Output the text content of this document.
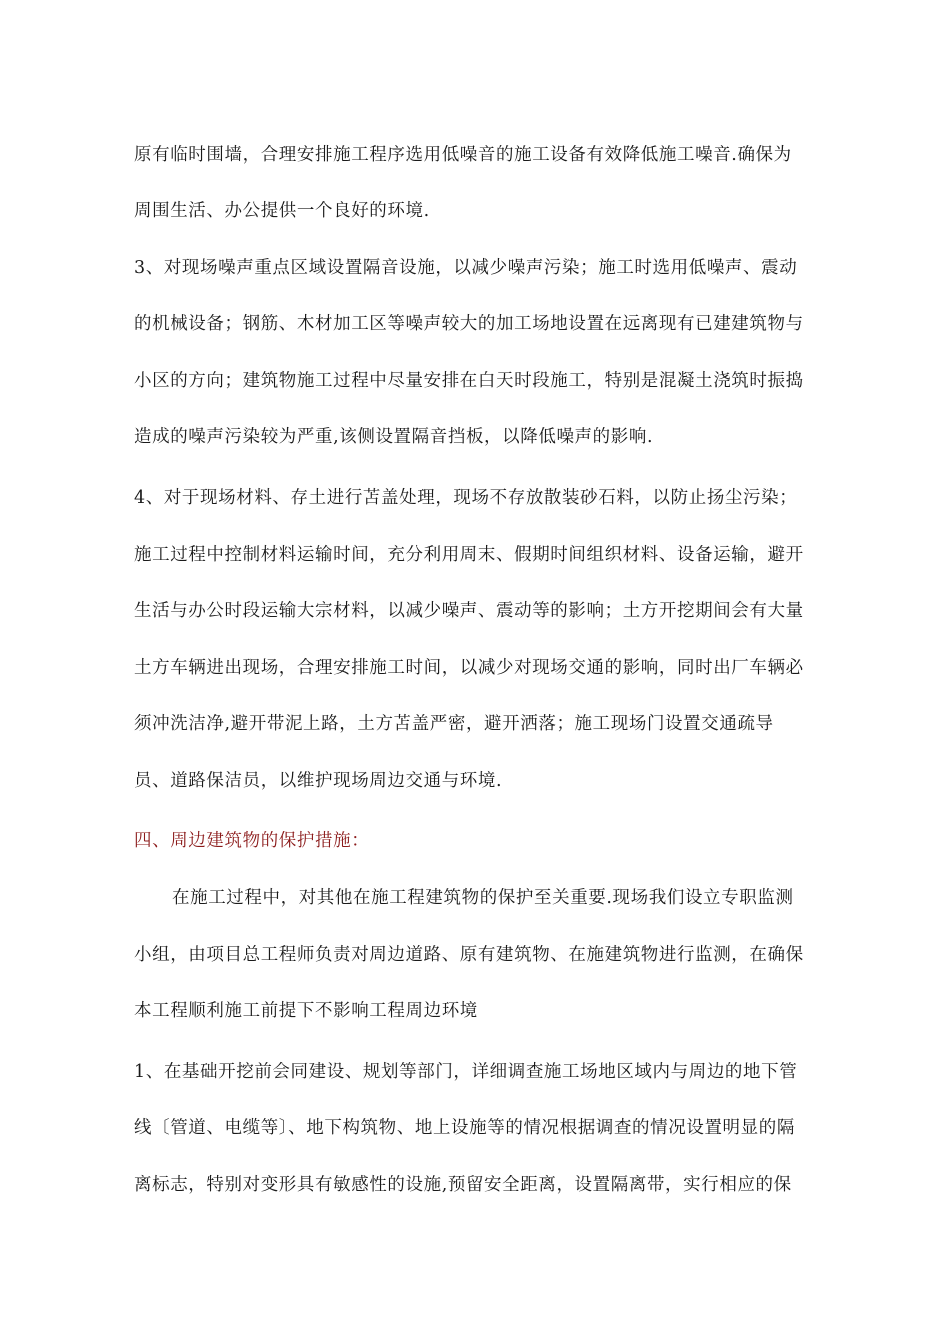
原有临时围墙，合理安排施工程序选用低噪音的施工设备有效降低施工噪音.确保为
周围生活、办公提供一个良好的环境.
3、对现场噪声重点区域设置隔音设施，以减少噪声污染；施工时选用低噪声、震动
的机械设备；钢筋、木材加工区等噪声较大的加工场地设置在远离现有已建建筑物与
小区的方向；建筑物施工过程中尽量安排在白天时段施工，特别是混凝土浇筑时振捣
造成的噪声污染较为严重,该侧设置隔音挡板，以降低噪声的影响.
4、对于现场材料、存土进行苫盖处理，现场不存放散装砂石料，以防止扬尘污染；
施工过程中控制材料运输时间，充分利用周末、假期时间组织材料、设备运输，避开
生活与办公时段运输大宗材料，以减少噪声、震动等的影响；土方开挖期间会有大量
土方车辆进出现场，合理安排施工时间，以减少对现场交通的影响，同时出厂车辆必
须冲洗洁净,避开带泥上路，土方苫盖严密，避开洒落；施工现场门设置交通疏导
员、道路保洁员，以维护现场周边交通与环境.
四、周边建筑物的保护措施：
在施工过程中，对其他在施工程建筑物的保护至关重要.现场我们设立专职监测
小组，由项目总工程师负责对周边道路、原有建筑物、在施建筑物进行监测，在确保
本工程顺利施工前提下不影响工程周边环境
1、在基础开挖前会同建设、规划等部门，详细调查施工场地区域内与周边的地下管
线〔管道、电缆等〕、地下构筑物、地上设施等的情况根据调查的情况设置明显的隔
离标志，特别对变形具有敏感性的设施,预留安全距离，设置隔离带，实行相应的保
